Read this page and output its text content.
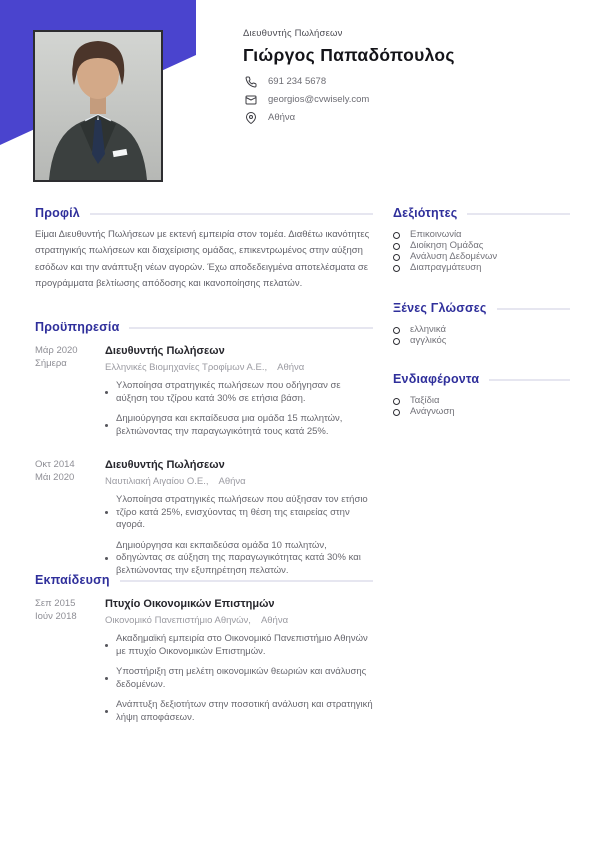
Διευθυντής Πωλήσεων
Γιώργος Παπαδόπουλος
691 234 5678
georgios@cvwisely.com
Αθήνα
Προφίλ
Είμαι Διευθυντής Πωλήσεων με εκτενή εμπειρία στον τομέα. Διαθέτω ικανότητες στρατηγικής πωλήσεων και διαχείρισης ομάδας, επικεντρωμένος στην αύξηση εσόδων και την ανάπτυξη νέων αγορών. Έχω αποδεδειγμένα αποτελέσματα σε προγράμματα βελτίωσης απόδοσης και ικανοποίησης πελατών.
Προϋπηρεσία
Μάρ 2020
Σήμερα
Διευθυντής Πωλήσεων
Ελληνικές Βιομηχανίες Τροφίμων Α.Ε., Αθήνα
Υλοποίησα στρατηγικές πωλήσεων που οδήγησαν σε αύξηση του τζίρου κατά 30% σε ετήσια βάση.
Δημιούργησα και εκπαίδευσα μια ομάδα 15 πωλητών, βελτιώνοντας την παραγωγικότητά τους κατά 25%.
Οκτ 2014
Μάι 2020
Διευθυντής Πωλήσεων
Ναυτιλιακή Αιγαίου Ο.Ε., Αθήνα
Υλοποίησα στρατηγικές πωλήσεων που αύξησαν τον ετήσιο τζίρο κατά 25%, ενισχύοντας τη θέση της εταιρείας στην αγορά.
Δημιούργησα και εκπαιδεύσα ομάδα 10 πωλητών, οδηγώντας σε αύξηση της παραγωγικότητας κατά 30% και βελτιώνοντας την εξυπηρέτηση πελατών.
Εκπαίδευση
Σεπ 2015
Ιούν 2018
Πτυχίο Οικονομικών Επιστημών
Οικονομικό Πανεπιστήμιο Αθηνών, Αθήνα
Ακαδημαϊκή εμπειρία στο Οικονομικό Πανεπιστήμιο Αθηνών με πτυχίο Οικονομικών Επιστημών.
Υποστήριξη στη μελέτη οικονομικών θεωριών και ανάλυσης δεδομένων.
Ανάπτυξη δεξιοτήτων στην ποσοτική ανάλυση και στρατηγική λήψη αποφάσεων.
Δεξιότητες
Επικοινωνία
Διοίκηση Ομάδας
Ανάλυση Δεδομένων
Διαπραγμάτευση
Ξένες Γλώσσες
ελληνικά
αγγλικός
Ενδιαφέροντα
Ταξίδια
Ανάγνωση
